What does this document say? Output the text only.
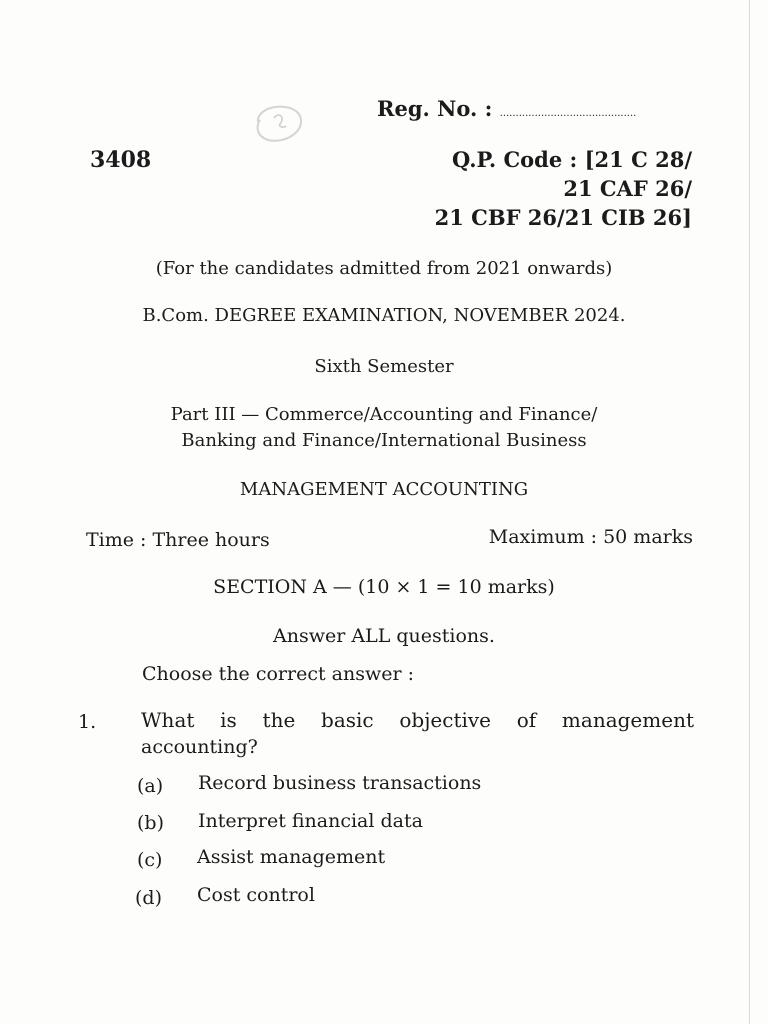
Reg. No. : ...........................................
3408	Q.P. Code : [21 C 28/
21 CAF 26/
21 CBF 26/21 CIB 26]
(For the candidates admitted from 2021 onwards)
B.Com. DEGREE EXAMINATION, NOVEMBER 2024.
Sixth Semester
Part III — Commerce/Accounting and Finance/
Banking and Finance/International Business
MANAGEMENT ACCOUNTING
Time : Three hours	Maximum : 50 marks
SECTION A — (10 × 1 = 10 marks)
Answer ALL questions.
Choose the correct answer :
1. What is the basic objective of management
accounting?
(a) Record business transactions
(b) Interpret financial data
(c) Assist management
(d) Cost control
